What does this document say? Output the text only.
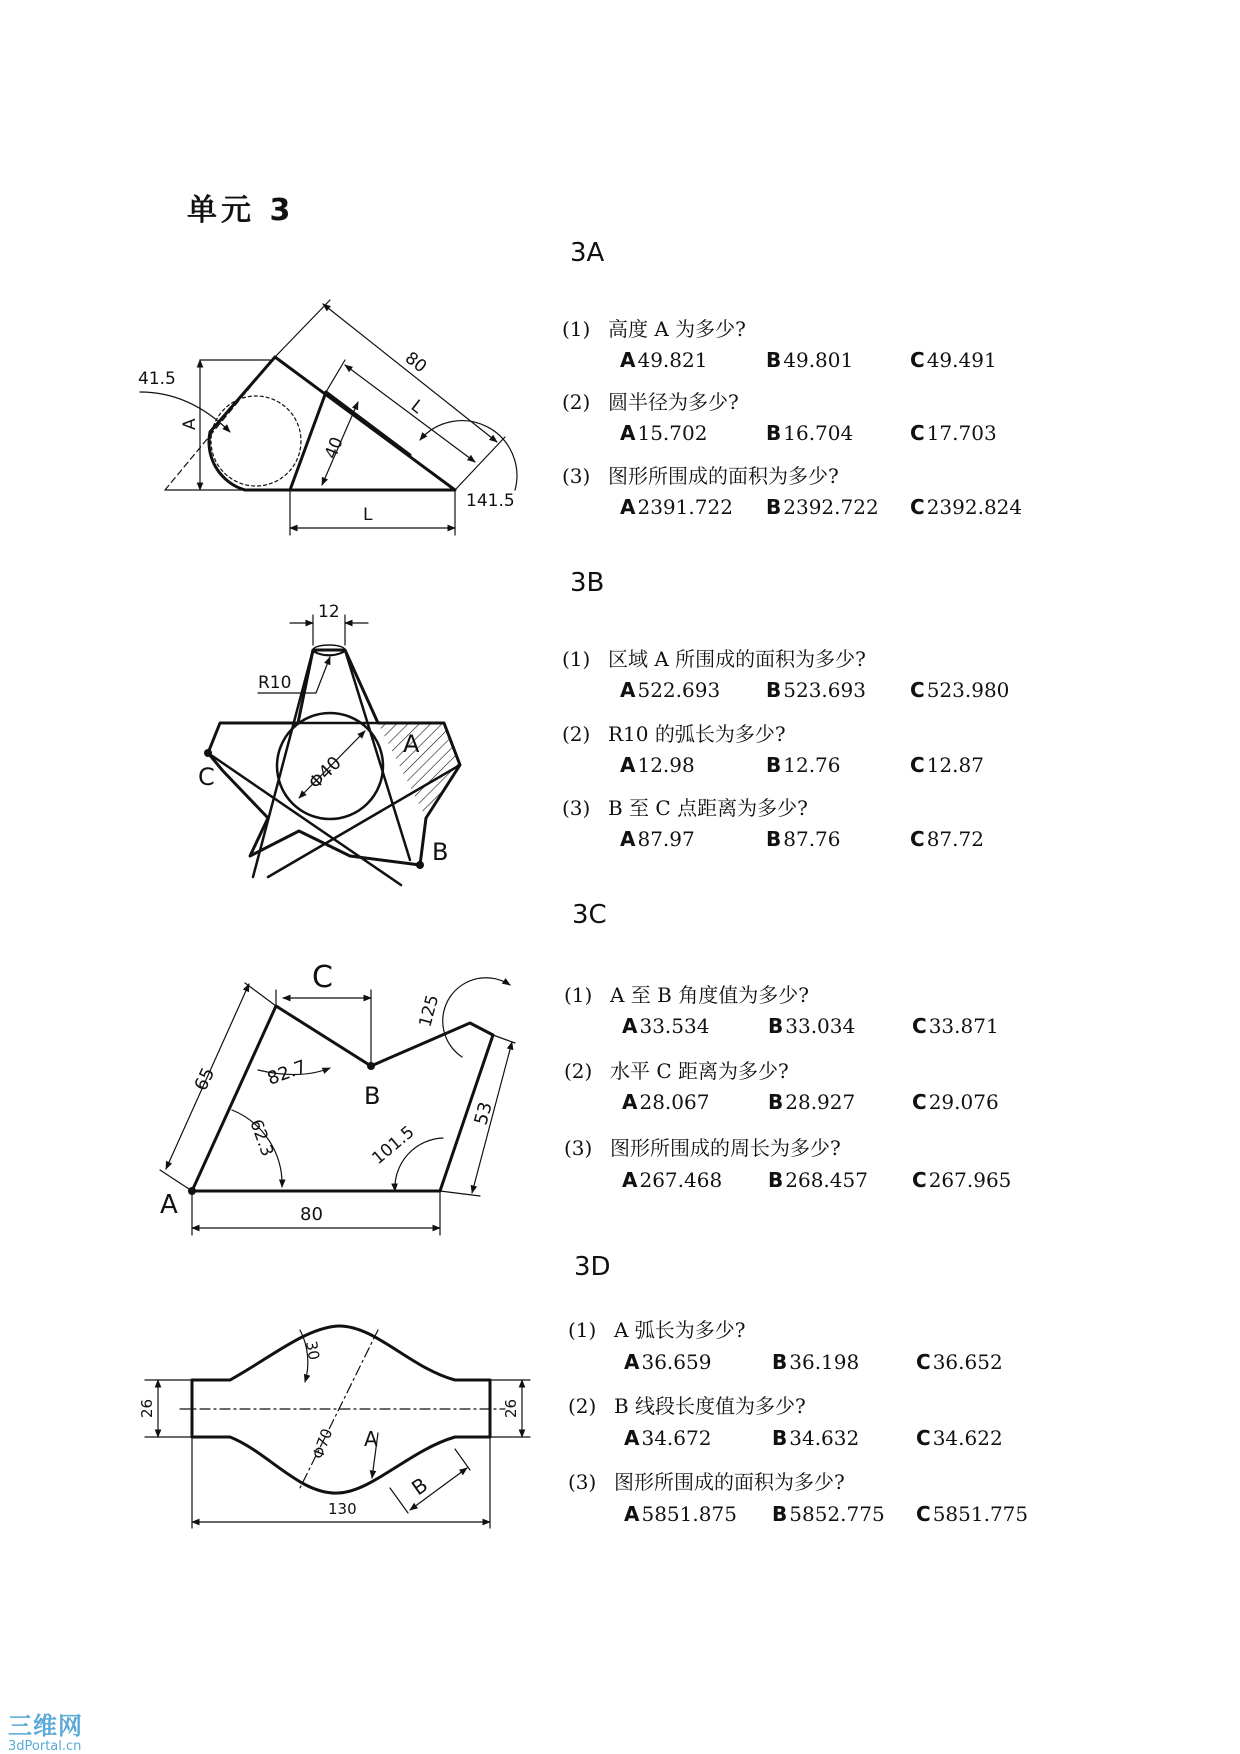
单元 3
3A
(1) 高度 A 为多少?
A 49.821	B 49.801	C 49.491
(2) 圆半径为多少?
A 15.702	B 16.704	C 17.703
(3) 图形所围成的面积为多少?
A 2391.722 B 2392.722 C 2392.824
3B
(1) 区域 A 所围成的面积为多少?
A 522.693 B 523.693 C 523.980
(2) R10 的弧长为多少?
A 12.98	B 12.76	C 12.87
(3) B 至 C 点距离为多少?
A 87.97	B 87.76	C 87.72
3C
(1) A 至 B 角度值为多少?
A 33.534	B 33.034	C 33.871
(2) 水平 C 距离为多少?
A 28.067	B 28.927	C 29.076
(3) 图形所围成的周长为多少?
A 267.468 B 268.457 C 267.965
3D
(1) A 弧长为多少?
A 36.659	B 36.198	C 36.652
(2) B 线段长度值为多少?
A 34.672	B 34.632	C 34.622
(3) 图形所围成的面积为多少?
A 5851.875 B 5852.775 C 5851.775
41.5
A
80
L
40
L
141.5
12
R10
Φ40
A
B
C
C
125
65	82.7
B
53
62.3	101.5
A	80
30
26	26
Φ70 A
B
130
三维网
3dPortal.cn
